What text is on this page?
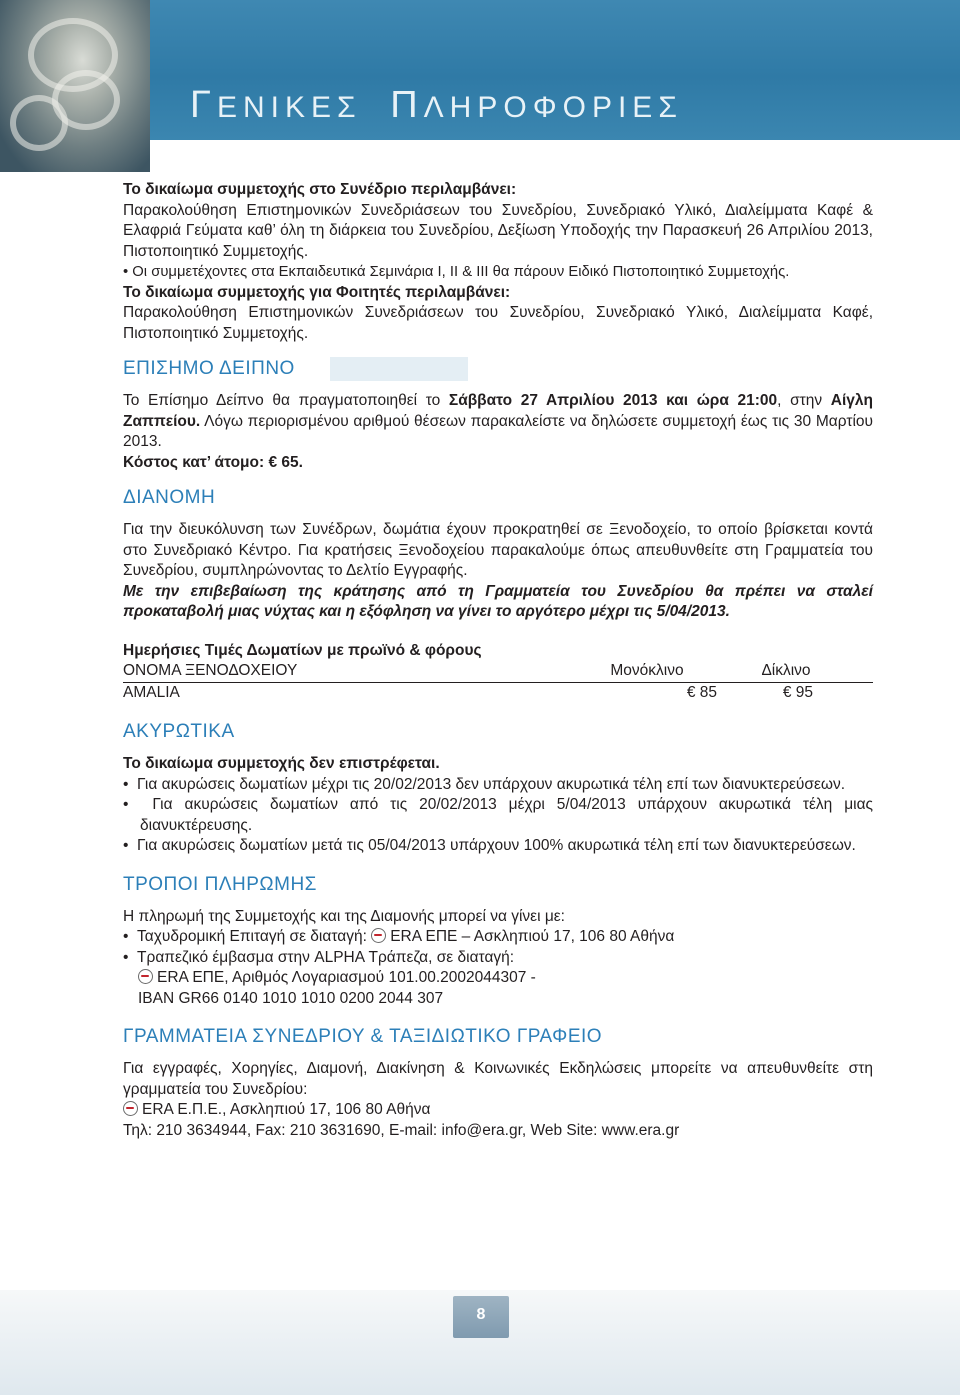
ΓΕΝΙΚΕΣ ΠΛΗΡΟΦΟΡΙΕΣ

Το δικαίωμα συμμετοχής στο Συνέδριο περιλαμβάνει:

Παρακολούθηση Επιστημονικών Συνεδριάσεων του Συνεδρίου, Συνεδριακό Υλικό, Διαλείμματα Καφέ & Ελαφριά Γεύματα καθ’ όλη τη διάρκεια του Συνεδρίου, Δεξίωση Υποδοχής την Παρασκευή 26 Απριλίου 2013, Πιστοποιητικό Συμμετοχής.

• Οι συμμετέχοντες στα Εκπαιδευτικά Σεμινάρια I, II & III θα πάρουν Ειδικό Πιστοποιητικό Συμμετοχής.

Το δικαίωμα συμμετοχής για Φοιτητές περιλαμβάνει:

Παρακολούθηση Επιστημονικών Συνεδριάσεων του Συνεδρίου, Συνεδριακό Υλικό, Διαλείμματα Καφέ, Πιστοποιητικό Συμμετοχής.

ΕΠΙΣΗΜΟ ΔΕΙΠΝΟ

Το Επίσημο Δείπνο θα πραγματοποιηθεί το Σάββατο 27 Απριλίου 2013 και ώρα 21:00, στην Αίγλη Ζαππείου. Λόγω περιορισμένου αριθμού θέσεων παρακαλείστε να δηλώσετε συμμετοχή έως τις 30 Μαρτίου 2013.

Κόστος κατ’ άτομο: € 65.

ΔΙΑΝΟΜΗ

Για την διευκόλυνση των Συνέδρων, δωμάτια έχουν προκρατηθεί σε Ξενοδοχείο, το οποίο βρίσκεται κοντά στο Συνεδριακό Κέντρο. Για κρατήσεις Ξενοδοχείου παρακαλούμε όπως απευθυνθείτε στη Γραμματεία του Συνεδρίου, συμπληρώνοντας το Δελτίο Εγγραφής.

Με την επιβεβαίωση της κράτησης από τη Γραμματεία του Συνεδρίου θα πρέπει να σταλεί προκαταβολή μιας νύχτας και η εξόφληση να γίνει το αργότερο μέχρι τις 5/04/2013.

Ημερήσιες Τιμές Δωματίων με πρωϊνό & φόρους

ΟΝΟΜΑ ΞΕΝΟΔΟΧΕΙΟΥ	Μονόκλινο	Δίκλινο
AMALIA	€ 85	€ 95
ΑΚΥΡΩΤΙΚΑ

Το δικαίωμα συμμετοχής δεν επιστρέφεται.

•  Για ακυρώσεις δωματίων μέχρι τις 20/02/2013 δεν υπάρχουν ακυρωτικά τέλη επί των διανυκτερεύσεων.

•  Για ακυρώσεις δωματίων από τις 20/02/2013 μέχρι 5/04/2013 υπάρχουν ακυρωτικά τέλη μιας διανυκτέρευσης.

•  Για ακυρώσεις δωματίων μετά τις 05/04/2013 υπάρχουν 100% ακυρωτικά τέλη επί των διανυκτερεύσεων.

ΤΡΟΠΟΙ ΠΛΗΡΩΜΗΣ

Η πληρωμή της Συμμετοχής και της Διαμονής μπορεί να γίνει με:

•  Ταχυδρομική Επιταγή σε διαταγή: ERA ΕΠΕ – Ασκληπιού 17, 106 80 Αθήνα

•  Τραπεζικό έμβασμα στην ALPHA Τράπεζα, σε διαταγή:

ERA ΕΠΕ, Αριθμός Λογαριασμού 101.00.2002044307 -

IBAN GR66 0140 1010 1010 0200 2044 307

ΓΡΑΜΜΑΤΕΙΑ ΣΥΝΕΔΡΙΟΥ & ΤΑΞΙΔΙΩΤΙΚΟ ΓΡΑΦΕΙΟ

Για εγγραφές, Χορηγίες, Διαμονή, Διακίνηση & Κοινωνικές Εκδηλώσεις μπορείτε να απευθυνθείτε στη γραμματεία του Συνεδρίου:

ERA Ε.Π.Ε., Ασκληπιού 17, 106 80 Αθήνα

Τηλ: 210 3634944, Fax: 210 3631690, E-mail: info@era.gr, Web Site: www.era.gr

8
